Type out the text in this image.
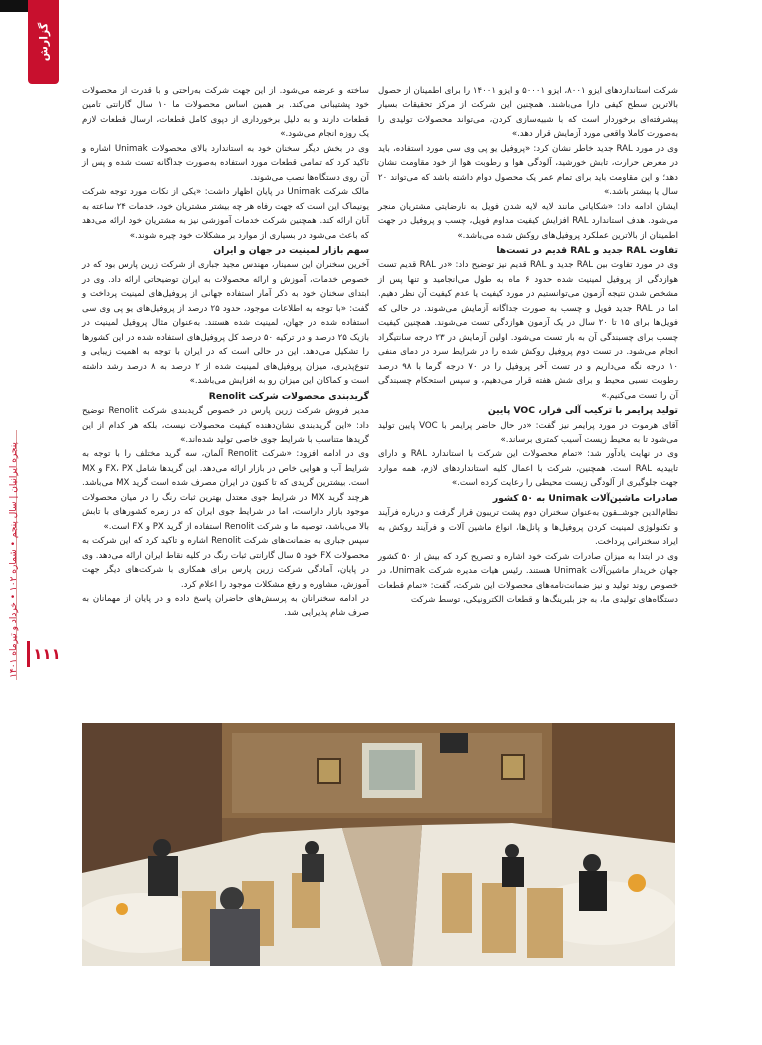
گزارش
پنجره ایرانیان | سال پنجم • شماره ۱۰۲ • خرداد و تیرماه ۱۴۰۱
۱۱۱

شرکت استانداردهای ایزو ۸۰۰۱، ایزو ۵۰۰۰۱ و ایزو ۱۴۰۰۱ را برای اطمینان از حصول بالاترین سطح کیفی دارا می‌باشند. همچنین این شرکت از مرکز تحقیقات بسیار پیشرفته‌ای برخوردار است که با شبیه‌سازی کردن، می‌تواند محصولات تولیدی را به‌صورت کاملا واقعی مورد آزمایش قرار دهد.»

وی در مورد RAL جدید خاطر نشان کرد: «پروفیل یو پی وی سی مورد استفاده، باید در معرض حرارت، تابش خورشید، آلودگی هوا و رطوبت هوا از خود مقاومت نشان دهد؛ و این مقاومت باید برای تمام عمر یک محصول دوام داشته باشد که می‌تواند ۲۰ سال یا بیشتر باشد.»

ایشان ادامه داد: «شکایاتی مانند لایه لایه شدن فویل به نارضایتی مشتریان منجر می‌شود. هدف استاندارد RAL افزایش کیفیت مداوم فویل، چسب و پروفیل در جهت اطمینان از بالاترین عملکرد پروفیل‌های روکش شده می‌باشد.»

تفاوت RAL جدید و RAL قدیم در تست‌ها

وی در مورد تفاوت بین RAL جدید و RAL قدیم نیز توضیح داد: «در RAL قدیم تست هوازدگی از پروفیل لمینیت شده حدود ۶ ماه به طول می‌انجامید و تنها پس از مشخص شدن نتیجه آزمون می‌توانستیم در مورد کیفیت یا عدم کیفیت آن نظر دهیم. اما در RAL جدید فویل و چسب به صورت جداگانه آزمایش می‌شوند. در حالی که فویل‌ها برای ۱۵ تا ۲۰ سال در یک آزمون هوازدگی تست می‌شوند. همچنین کیفیت چسب برای چسبندگی آن به بار تست می‌شود. اولین آزمایش در ۲۳ درجه سانتیگراد انجام می‌شود. در تست دوم پروفیل روکش شده را در شرایط سرد در دمای منفی ۱۰ درجه نگه می‌داریم و در تست آخر پروفیل را در ۷۰ درجه گرما با ۹۸ درصد رطوبت نسبی محیط و برای شش هفته قرار می‌دهیم، و سپس استحکام چسبندگی آن را تست می‌کنیم.»

تولید پرایمر با ترکیب آلی فرار، VOC پایین

آقای هرموت در مورد پرایمر نیز گفت: «در حال حاضر پرایمر با VOC پایین تولید می‌شود تا به محیط زیست آسیب کمتری برساند.»

وی در نهایت یادآور شد: «تمام محصولات این شرکت با استاندارد RAL و دارای تاییدیه RAL است. همچنین، شرکت با اعمال کلیه استانداردهای لازم، همه موارد جهت جلوگیری از آلودگی زیست محیطی را رعایت کرده است.»

صادرات ماشین‌آلات Unimak به ۵۰ کشور

نظام‌الدین جوشــقون به‌عنوان سخنران دوم پشت تریبون قرار گرفت و درباره فرآیند و تکنولوژی لمینیت کردن پروفیل‌ها و پانل‌ها، انواع ماشین آلات و فرآیند روکش به ایراد سخنرانی پرداخت.

وی در ابتدا به میزان صادرات شرکت خود اشاره و تصریح کرد که بیش از ۵۰ کشور جهان خریدار ماشین‌آلات Unimak هستند. رئیس هیات مدیره شرکت Unimak، در خصوص روند تولید و نیز ضمانت‌نامه‌های محصولات این شرکت، گفت: «تمام قطعات دستگاه‌های تولیدی ما، به جز بلبرینگ‌ها و قطعات الکترونیکی، توسط شرکت

ساخته و عرضه می‌شود. از این جهت شرکت به‌راحتی و با قدرت از محصولات خود پشتیبانی می‌کند. بر همین اساس محصولات ما ۱۰ سال گارانتی تامین قطعات دارند و به دلیل برخورداری از دپوی کامل قطعات، ارسال قطعات لازم یک روزه انجام می‌شود.»

وی در بخش دیگر سخنان خود به استاندارد بالای محصولات Unimak اشاره و تاکید کرد که تمامی قطعات مورد استفاده به‌صورت جداگانه تست شده و پس از آن روی دستگاه‌ها نصب می‌شوند.

مالک شرکت Unimak در پایان اظهار داشت: «یکی از نکات مورد توجه شرکت یونیماک این است که جهت رفاه هر چه بیشتر مشتریان خود، خدمات ۲۴ ساعته به آنان ارائه کند. همچنین شرکت خدمات آموزشی نیز به مشتریان خود ارائه می‌دهد که باعث می‌شود در بسیاری از موارد بر مشکلات خود چیره شوند.»

سهم بازار لمینیت در جهان و ایران

آخرین سخنران این سمینار، مهندس مجید جباری از شرکت زرین پارس بود که در خصوص خدمات، آموزش و ارائه محصولات به ایران توضیحاتی ارائه داد. وی در ابتدای سخنان خود به ذکر آمار استفاده جهانی از پروفیل‌های لمینیت پرداخت و گفت: «با توجه به اطلاعات موجود، حدود ۲۵ درصد از پروفیل‌های یو پی وی سی استفاده شده در جهان، لمینیت شده هستند. به‌عنوان مثال پروفیل لمینیت در بازیک ۲۵ درصد و در ترکیه ۵۰ درصد کل پروفیل‌های استفاده شده در این کشورها را تشکیل می‌دهد. این در حالی است که در ایران با توجه به اهمیت زیبایی و تنوع‌پذیری، میزان پروفیل‌های لمینیت شده از ۲ درصد به ۸ درصد رشد داشته است و کماکان این میزان رو به افزایش می‌باشد.»

گریدبندی محصولات شرکت Renolit

مدیر فروش شرکت زرین پارس در خصوص گریدبندی شرکت Renolit توضیح داد: «این گریدبندی نشان‌دهنده کیفیت محصولات نیست، بلکه هر کدام از این گریدها متناسب با شرایط جوی خاصی تولید شده‌اند.»

وی در ادامه افزود: «شرکت Renolit آلمان، سه گرید مختلف را با توجه به شرایط آب و هوایی خاص در بازار ارائه می‌دهد. این گریدها شامل FX، PX و MX است. بیشترین گریدی که تا کنون در ایران مصرف شده است گرید MX می‌باشد. هرچند گرید MX در شرایط جوی معتدل بهترین ثبات رنگ را در میان محصولات موجود بازار داراست، اما در شرایط جوی ایران که در زمره کشورهای با تابش بالا می‌باشد، توصیه ما و شرکت Renolit استفاده از گرید PX و FX است.»

سپس جباری به ضمانت‌های شرکت Renolit اشاره و تاکید کرد که این شرکت به محصولات FX خود ۵ سال گارانتی ثبات رنگ در کلیه نقاط ایران ارائه می‌دهد. وی در پایان، آمادگی شرکت زرین پارس برای همکاری با شرکت‌های دیگر جهت آموزش، مشاوره و رفع مشکلات موجود را اعلام کرد.

در ادامه سخنرانان به پرسش‌های حاضران پاسخ داده و در پایان از مهمانان به صرف شام پذیرایی شد.
